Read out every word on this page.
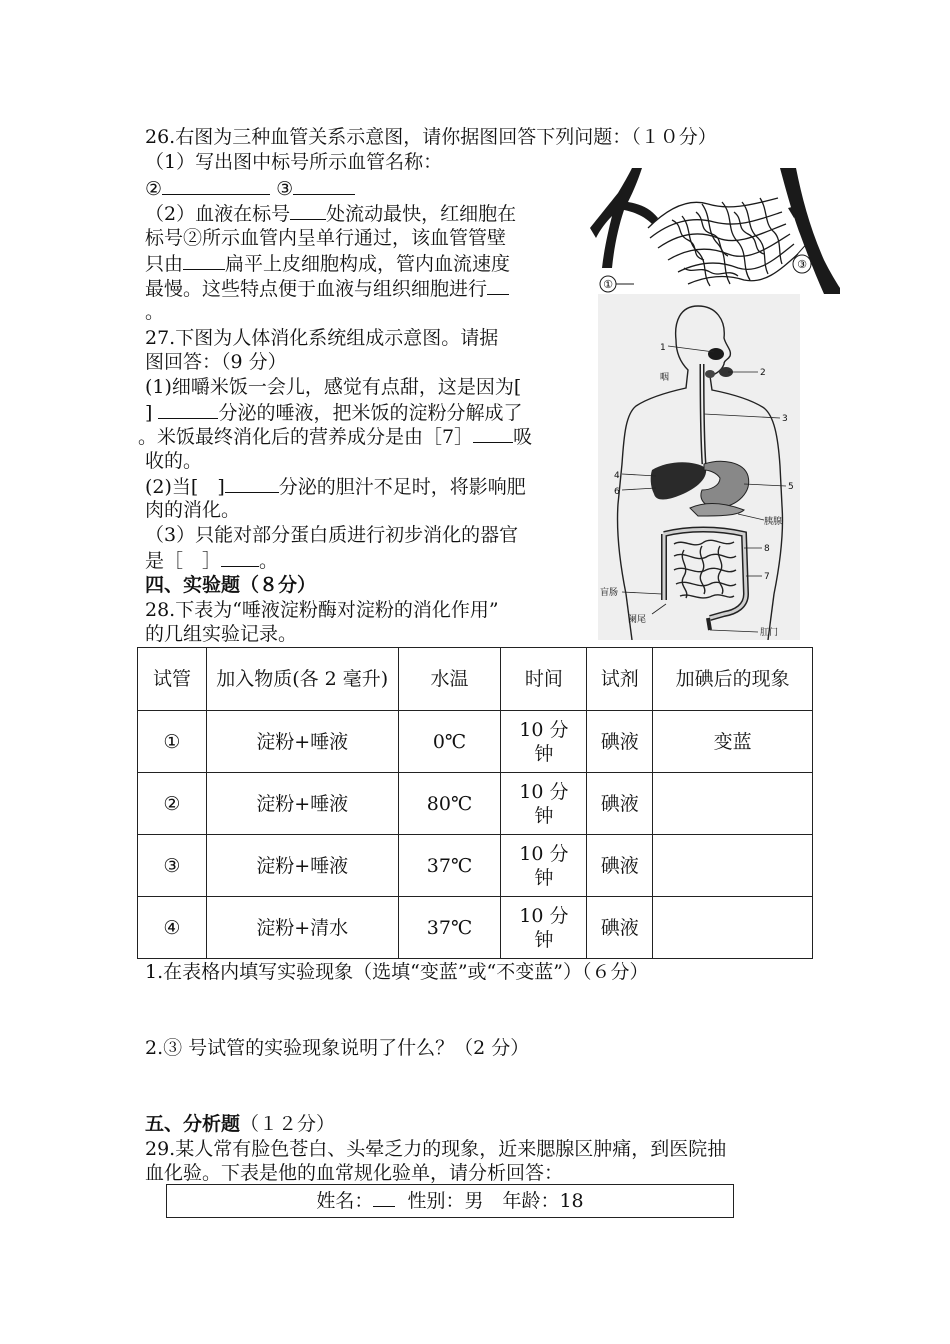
26.右图为三种血管关系示意图，请你据图回答下列问题：（１０分）
（1）写出图中标号所示血管名称：
②	③
（2）血液在标号 处流动最快，红细胞在
标号②所示血管内呈单行通过，该血管管壁
只由 扁平上皮细胞构成，管内血流速度
最慢。这些特点便于血液与组织细胞进行
。
①
③
27.下图为人体消化系统组成示意图。请据
图回答：（9 分）
(1)细嚼米饭一会儿，感觉有点甜，这是因为[
]	分泌的唾液，把米饭的淀粉分解成了
。米饭最终消化后的营养成分是由［7］ 吸
收的。
(2)当[　]	分泌的胆汁不足时，将影响肥
肉的消化。
（3）只能对部分蛋白质进行初步消化的器官
是［　］ 。
1
咽	2
3
4
6	5
胰腺
8
7
盲肠
阑尾
肛门
四、实验题（８分）
28.下表为“唾液淀粉酶对淀粉的消化作用”
的几组实验记录。
试管	加入物质(各 2 毫升)	水温	时间	试剂	加碘后的现象
①	淀粉+唾液	0℃	10 分钟	碘液	变蓝
②	淀粉+唾液	80℃	10 分钟	碘液	
③	淀粉+唾液	37℃	10 分钟	碘液	
④	淀粉+清水	37℃	10 分钟	碘液	
1.在表格内填写实验现象（选填“变蓝”或“不变蓝”）（６分）
2.③ 号试管的实验现象说明了什么？（2 分）
五、分析题（１２分）
29.某人常有脸色苍白、头晕乏力的现象，近来腮腺区肿痛，到医院抽
血化验。下表是他的血常规化验单，请分析回答：
姓名：  性别：男　年龄：18
